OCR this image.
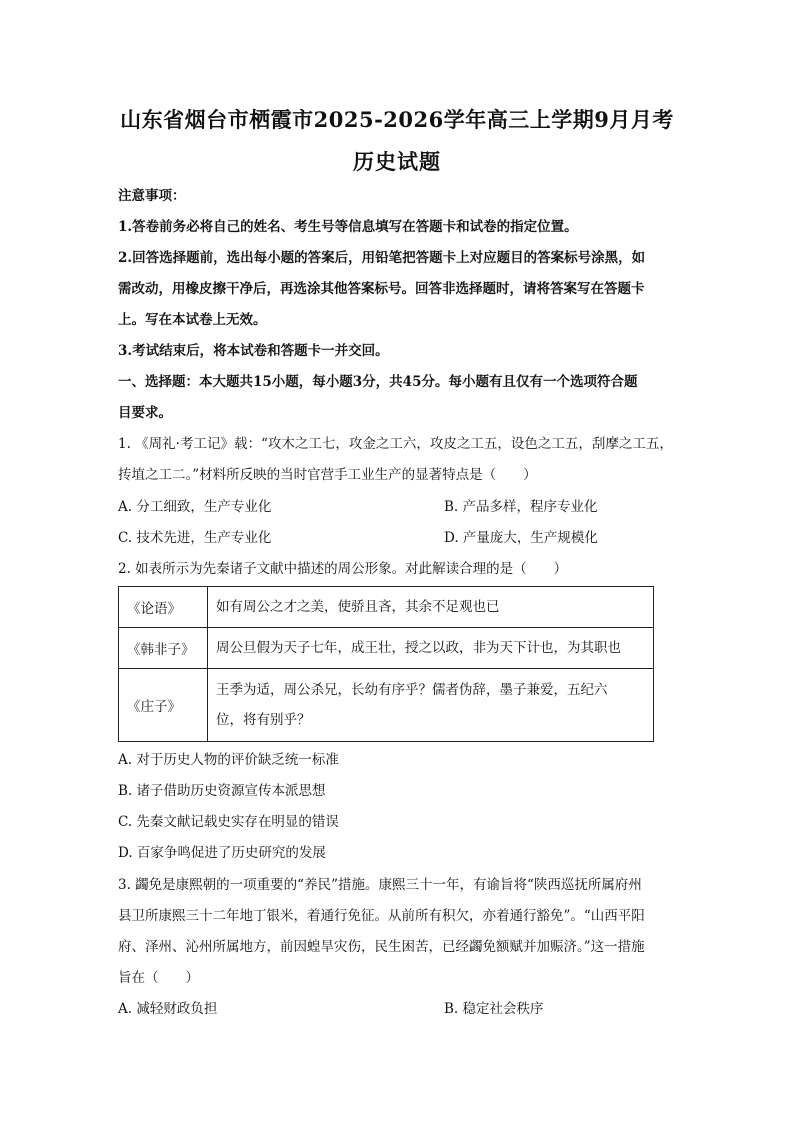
山东省烟台市栖霞市2025-2026学年高三上学期9月月考
历史试题
注意事项：
1.答卷前务必将自己的姓名、考生号等信息填写在答题卡和试卷的指定位置。
2.回答选择题前，选出每小题的答案后，用铅笔把答题卡上对应题目的答案标号涂黑，如
需改动，用橡皮擦干净后，再选涂其他答案标号。回答非选择题时，请将答案写在答题卡
上。写在本试卷上无效。
3.考试结束后，将本试卷和答题卡一并交回。
一、选择题：本大题共15小题，每小题3分，共45分。每小题有且仅有一个选项符合题
目要求。
1. 《周礼·考工记》载：“攻木之工七，攻金之工六，攻皮之工五，设色之工五，刮摩之工五，
抟埴之工二。”材料所反映的当时官营手工业生产的显著特点是（　　）
A. 分工细致，生产专业化	B. 产品多样，程序专业化
C. 技术先进，生产专业化	D. 产量庞大，生产规模化
2. 如表所示为先秦诸子文献中描述的周公形象。对此解读合理的是（　　）
《论语》	如有周公之才之美，使骄且吝，其余不足观也已

《韩非子》	周公旦假为天子七年，成王壮，授之以政，非为天下计也，为其职也

《庄子》	王季为适，周公杀兄，长幼有序乎？儒者伪辞，墨子兼爱，五纪六
位，将有别乎？
A. 对于历史人物的评价缺乏统一标准
B. 诸子借助历史资源宣传本派思想
C. 先秦文献记载史实存在明显的错误
D. 百家争鸣促进了历史研究的发展
3. 蠲免是康熙朝的一项重要的“养民”措施。康熙三十一年，有谕旨将“陕西巡抚所属府州
县卫所康熙三十二年地丁银米，着通行免征。从前所有积欠，亦着通行豁免”。“山西平阳
府、泽州、沁州所属地方，前因蝗旱灾伤，民生困苦，已经蠲免额赋并加赈济。”这一措施
旨在（　　）
A. 减轻财政负担	B. 稳定社会秩序
